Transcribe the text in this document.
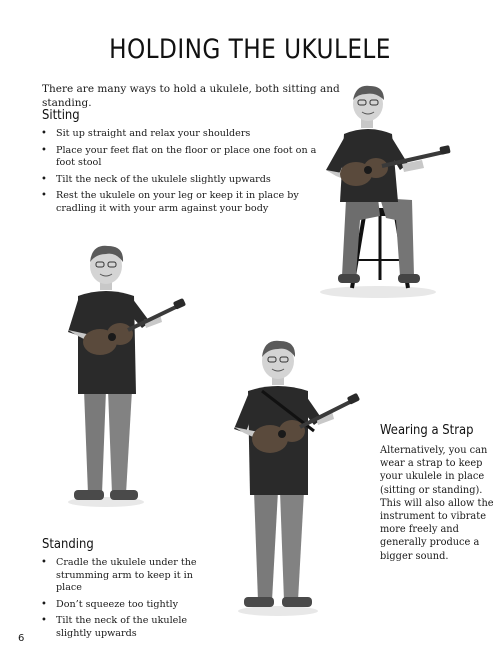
HOLDING THE UKULELE

There are many ways to hold a ukulele, both sitting and standing.

Sitting
• Sit up straight and relax your shoulders
• Place your feet flat on the floor or place one foot on a foot stool
• Tilt the neck of the ukulele slightly upwards
• Rest the ukulele on your leg or keep it in place by cradling it with your arm against your body
Wearing a Strap

Alternatively, you can wear a strap to keep your ukulele in place (sitting or standing). This will also allow the instrument to vibrate more freely and generally produce a bigger sound.

Standing
• Cradle the ukulele under the strumming arm to keep it in place
• Don’t squeeze too tightly
• Tilt the neck of the ukulele slightly upwards

6
